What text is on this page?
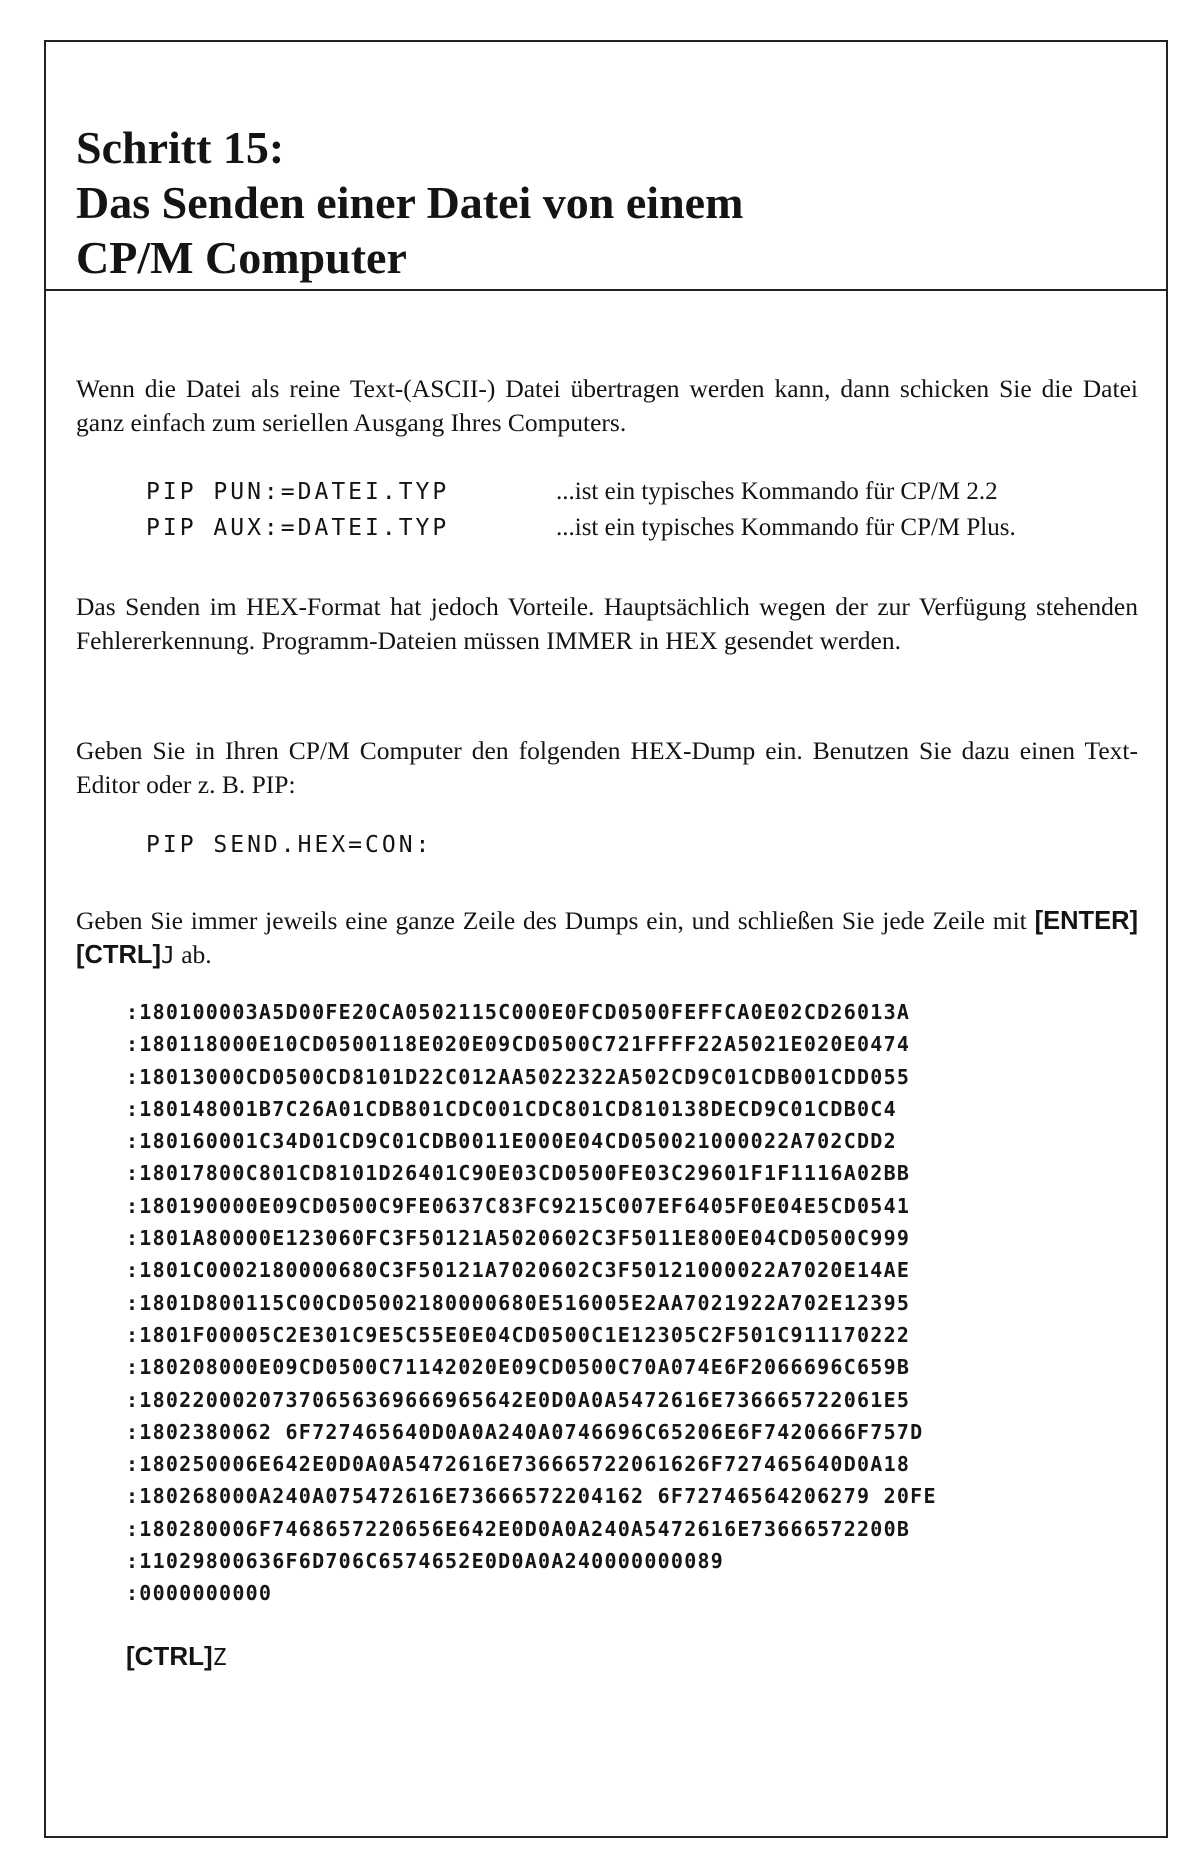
Schritt 15:
Das Senden einer Datei von einem
CP/M Computer

Wenn die Datei als reine Text-(ASCII-) Datei übertragen werden kann, dann schicken Sie die Datei ganz einfach zum seriellen Ausgang Ihres Computers.

PIP PUN:=DATEI.TYP	...ist ein typisches Kommando für CP/M 2.2
PIP AUX:=DATEI.TYP	...ist ein typisches Kommando für CP/M Plus.

Das Senden im HEX-Format hat jedoch Vorteile. Hauptsächlich wegen der zur Verfügung stehenden Fehlererkennung. Programm-Dateien müssen IMMER in HEX gesendet werden.

Geben Sie in Ihren CP/M Computer den folgenden HEX-Dump ein. Benutzen Sie dazu einen Text-Editor oder z. B. PIP:

PIP SEND.HEX=CON:

Geben Sie immer jeweils eine ganze Zeile des Dumps ein, und schließen Sie jede Zeile mit [ENTER] [CTRL]J ab.

:180100003A5D00FE20CA0502115C000E0FCD0500FEFFCA0E02CD26013A
:180118000E10CD0500118E020E09CD0500C721FFFF22A5021E020E0474
:18013000CD0500CD8101D22C012AA5022322A502CD9C01CDB001CDD055
:180148001B7C26A01CDB801CDC001CDC801CD810138DECD9C01CDB0C4
:180160001C34D01CD9C01CDB0011E000E04CD050021000022A702CDD2
:18017800C801CD8101D26401C90E03CD0500FE03C29601F1F1116A02BB
:180190000E09CD0500C9FE0637C83FC9215C007EF6405F0E04E5CD0541
:1801A80000E123060FC3F50121A5020602C3F5011E800E04CD0500C999
:1801C0002180000680C3F50121A7020602C3F50121000022A7020E14AE
:1801D800115C00CD05002180000680E516005E2AA7021922A702E12395
:1801F00005C2E301C9E5C55E0E04CD0500C1E12305C2F501C911170222
:180208000E09CD0500C71142020E09CD0500C70A074E6F2066696C659B
:18022000207370656369666965642E0D0A0A5472616E736665722061E5
:1802380062 6F727465640D0A0A240A0746696C65206E6F7420666F757D
:180250006E642E0D0A0A5472616E736665722061626F727465640D0A18
:180268000A240A075472616E73666572204162 6F72746564206279 20FE
:180280006F7468657220656E642E0D0A0A240A5472616E73666572200B
:11029800636F6D706C6574652E0D0A0A240000000089
:0000000000
[CTRL]Z
